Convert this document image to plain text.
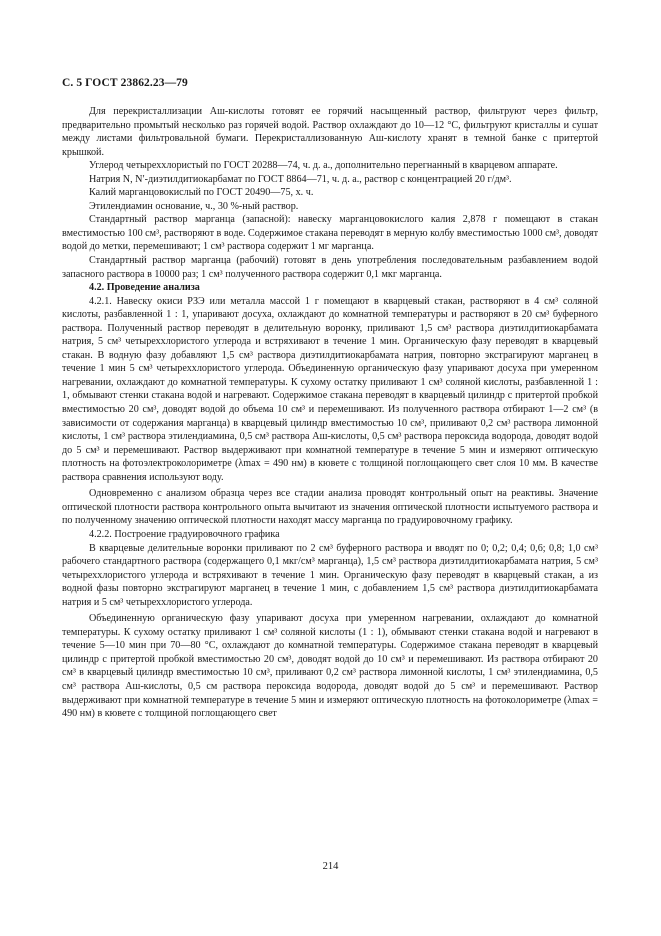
С. 5 ГОСТ 23862.23—79

Для перекристаллизации Аш-кислоты готовят ее горячий насыщенный раствор, фильтруют через фильтр, предварительно промытый несколько раз горячей водой. Раствор охлаждают до 10—12 °С, фильтруют кристаллы и сушат между листами фильтровальной бумаги. Перекристаллизованную Аш-кислоту хранят в темной банке с притертой крышкой.

Углерод четыреххлористый по ГОСТ 20288—74, ч. д. а., дополнительно перегнанный в кварцевом аппарате.

Натрия N, N′-диэтилдитиокарбамат по ГОСТ 8864—71, ч. д. а., раствор с концентрацией 20 г/дм³.

Калий марганцовокислый по ГОСТ 20490—75, х. ч.

Этилендиамин основание, ч., 30 %-ный раствор.

Стандартный раствор марганца (запасной): навеску марганцовокислого калия 2,878 г помещают в стакан вместимостью 100 см³, растворяют в воде. Содержимое стакана переводят в мерную колбу вместимостью 1000 см³, доводят водой до метки, перемешивают; 1 см³ раствора содержит 1 мг марганца.

Стандартный раствор марганца (рабочий) готовят в день употребления последовательным разбавлением водой запасного раствора в 10000 раз; 1 см³ полученного раствора содержит 0,1 мкг марганца.

4.2. Проведение анализа

4.2.1. Навеску окиси РЗЭ или металла массой 1 г помещают в кварцевый стакан, растворяют в 4 см³ соляной кислоты, разбавленной 1 : 1, упаривают досуха, охлаждают до комнатной температуры и растворяют в 20 см³ буферного раствора. Полученный раствор переводят в делительную воронку, приливают 1,5 см³ раствора диэтилдитиокарбамата натрия, 5 см³ четыреххлористого углерода и встряхивают в течение 1 мин. Органическую фазу переводят в кварцевый стакан. В водную фазу добавляют 1,5 см³ раствора диэтилдитиокарбамата натрия, повторно экстрагируют марганец в течение 1 мин 5 см³ четыреххлористого углерода. Объединенную органическую фазу упаривают досуха при умеренном нагревании, охлаждают до комнатной температуры. К сухому остатку приливают 1 см³ соляной кислоты, разбавленной 1 : 1, обмывают стенки стакана водой и нагревают. Содержимое стакана переводят в кварцевый цилиндр с притертой пробкой вместимостью 20 см³, доводят водой до объема 10 см³ и перемешивают. Из полученного раствора отбирают 1—2 см³ (в зависимости от содержания марганца) в кварцевый цилиндр вместимостью 10 см³, приливают 0,2 см³ раствора лимонной кислоты, 1 см³ раствора этилендиамина, 0,5 см³ раствора Аш-кислоты, 0,5 см³ раствора пероксида водорода, доводят водой до 5 см³ и перемешивают. Раствор выдерживают при комнатной температуре в течение 5 мин и измеряют оптическую плотность на фотоэлектроколориметре (λmax = 490 нм) в кювете с толщиной поглощающего свет слоя 10 мм. В качестве раствора сравнения используют воду.

Одновременно с анализом образца через все стадии анализа проводят контрольный опыт на реактивы. Значение оптической плотности раствора контрольного опыта вычитают из значения оптической плотности испытуемого раствора и по полученному значению оптической плотности находят массу марганца по градуировочному графику.

4.2.2. Построение градуировочного графика

В кварцевые делительные воронки приливают по 2 см³ буферного раствора и вводят по 0; 0,2; 0,4; 0,6; 0,8; 1,0 см³ рабочего стандартного раствора (содержащего 0,1 мкг/см³ марганца), 1,5 см³ раствора диэтилдитиокарбамата натрия, 5 см³ четыреххлористого углерода и встряхивают в течение 1 мин. Органическую фазу переводят в кварцевый стакан, а из водной фазы повторно экстрагируют марганец в течение 1 мин, с добавлением 1,5 см³ раствора диэтилдитиокарбамата натрия и 5 см³ четыреххлористого углерода.

Объединенную органическую фазу упаривают досуха при умеренном нагревании, охлаждают до комнатной температуры. К сухому остатку приливают 1 см³ соляной кислоты (1 : 1), обмывают стенки стакана водой и нагревают в течение 5—10 мин при 70—80 °С, охлаждают до комнатной температуры. Содержимое стакана переводят в кварцевый цилиндр с притертой пробкой вместимостью 20 см³, доводят водой до 10 см³ и перемешивают. Из раствора отбирают 20 см³ в кварцевый цилиндр вместимостью 10 см³, приливают 0,2 см³ раствора лимонной кислоты, 1 см³ этилендиамина, 0,5 см³ раствора Аш-кислоты, 0,5 см раствора пероксида водорода, доводят водой до 5 см³ и перемешивают. Раствор выдерживают при комнатной температуре в течение 5 мин и измеряют оптическую плотность на фотоколориметре (λmax = 490 нм) в кювете с толщиной поглощающего свет

214
